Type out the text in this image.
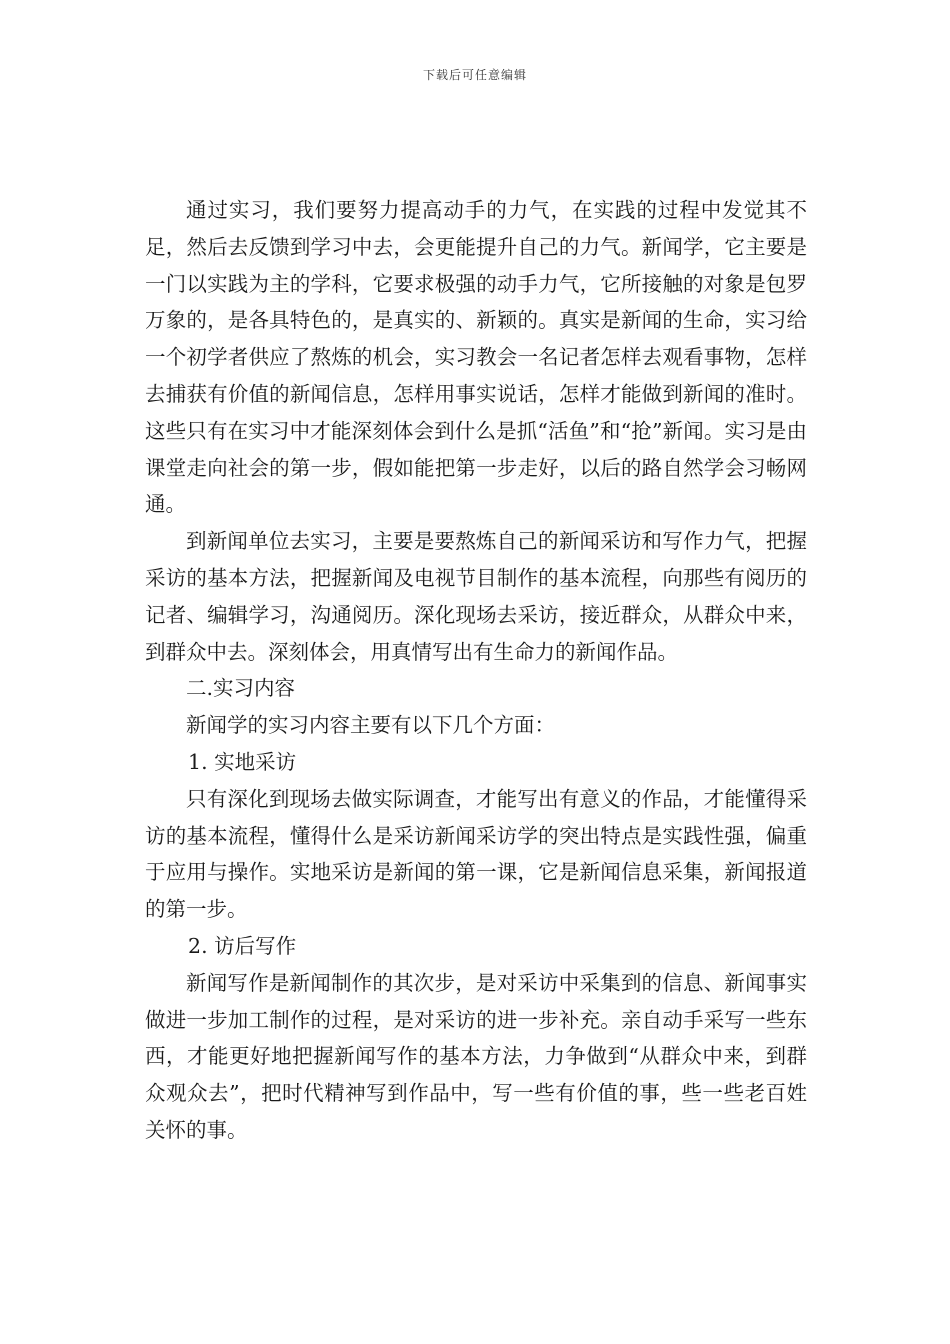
下载后可任意编辑

通过实习，我们要努力提高动手的力气，在实践的过程中发觉其不足，然后去反馈到学习中去，会更能提升自己的力气。新闻学，它主要是一门以实践为主的学科，它要求极强的动手力气，它所接触的对象是包罗万象的，是各具特色的，是真实的、新颖的。真实是新闻的生命，实习给一个初学者供应了熬炼的机会，实习教会一名记者怎样去观看事物，怎样去捕获有价值的新闻信息，怎样用事实说话，怎样才能做到新闻的准时。这些只有在实习中才能深刻体会到什么是抓“活鱼”和“抢”新闻。实习是由课堂走向社会的第一步，假如能把第一步走好，以后的路自然学会习畅网通。

到新闻单位去实习，主要是要熬炼自己的新闻采访和写作力气，把握采访的基本方法，把握新闻及电视节目制作的基本流程，向那些有阅历的记者、编辑学习，沟通阅历。深化现场去采访，接近群众，从群众中来，到群众中去。深刻体会，用真情写出有生命力的新闻作品。

二.实习内容

新闻学的实习内容主要有以下几个方面：

1. 实地采访

只有深化到现场去做实际调查，才能写出有意义的作品，才能懂得采访的基本流程，懂得什么是采访新闻采访学的突出特点是实践性强，偏重于应用与操作。实地采访是新闻的第一课，它是新闻信息采集，新闻报道的第一步。

2. 访后写作

新闻写作是新闻制作的其次步，是对采访中采集到的信息、新闻事实做进一步加工制作的过程，是对采访的进一步补充。亲自动手采写一些东西，才能更好地把握新闻写作的基本方法，力争做到“从群众中来，到群众观众去”，把时代精神写到作品中，写一些有价值的事，些一些老百姓关怀的事。
